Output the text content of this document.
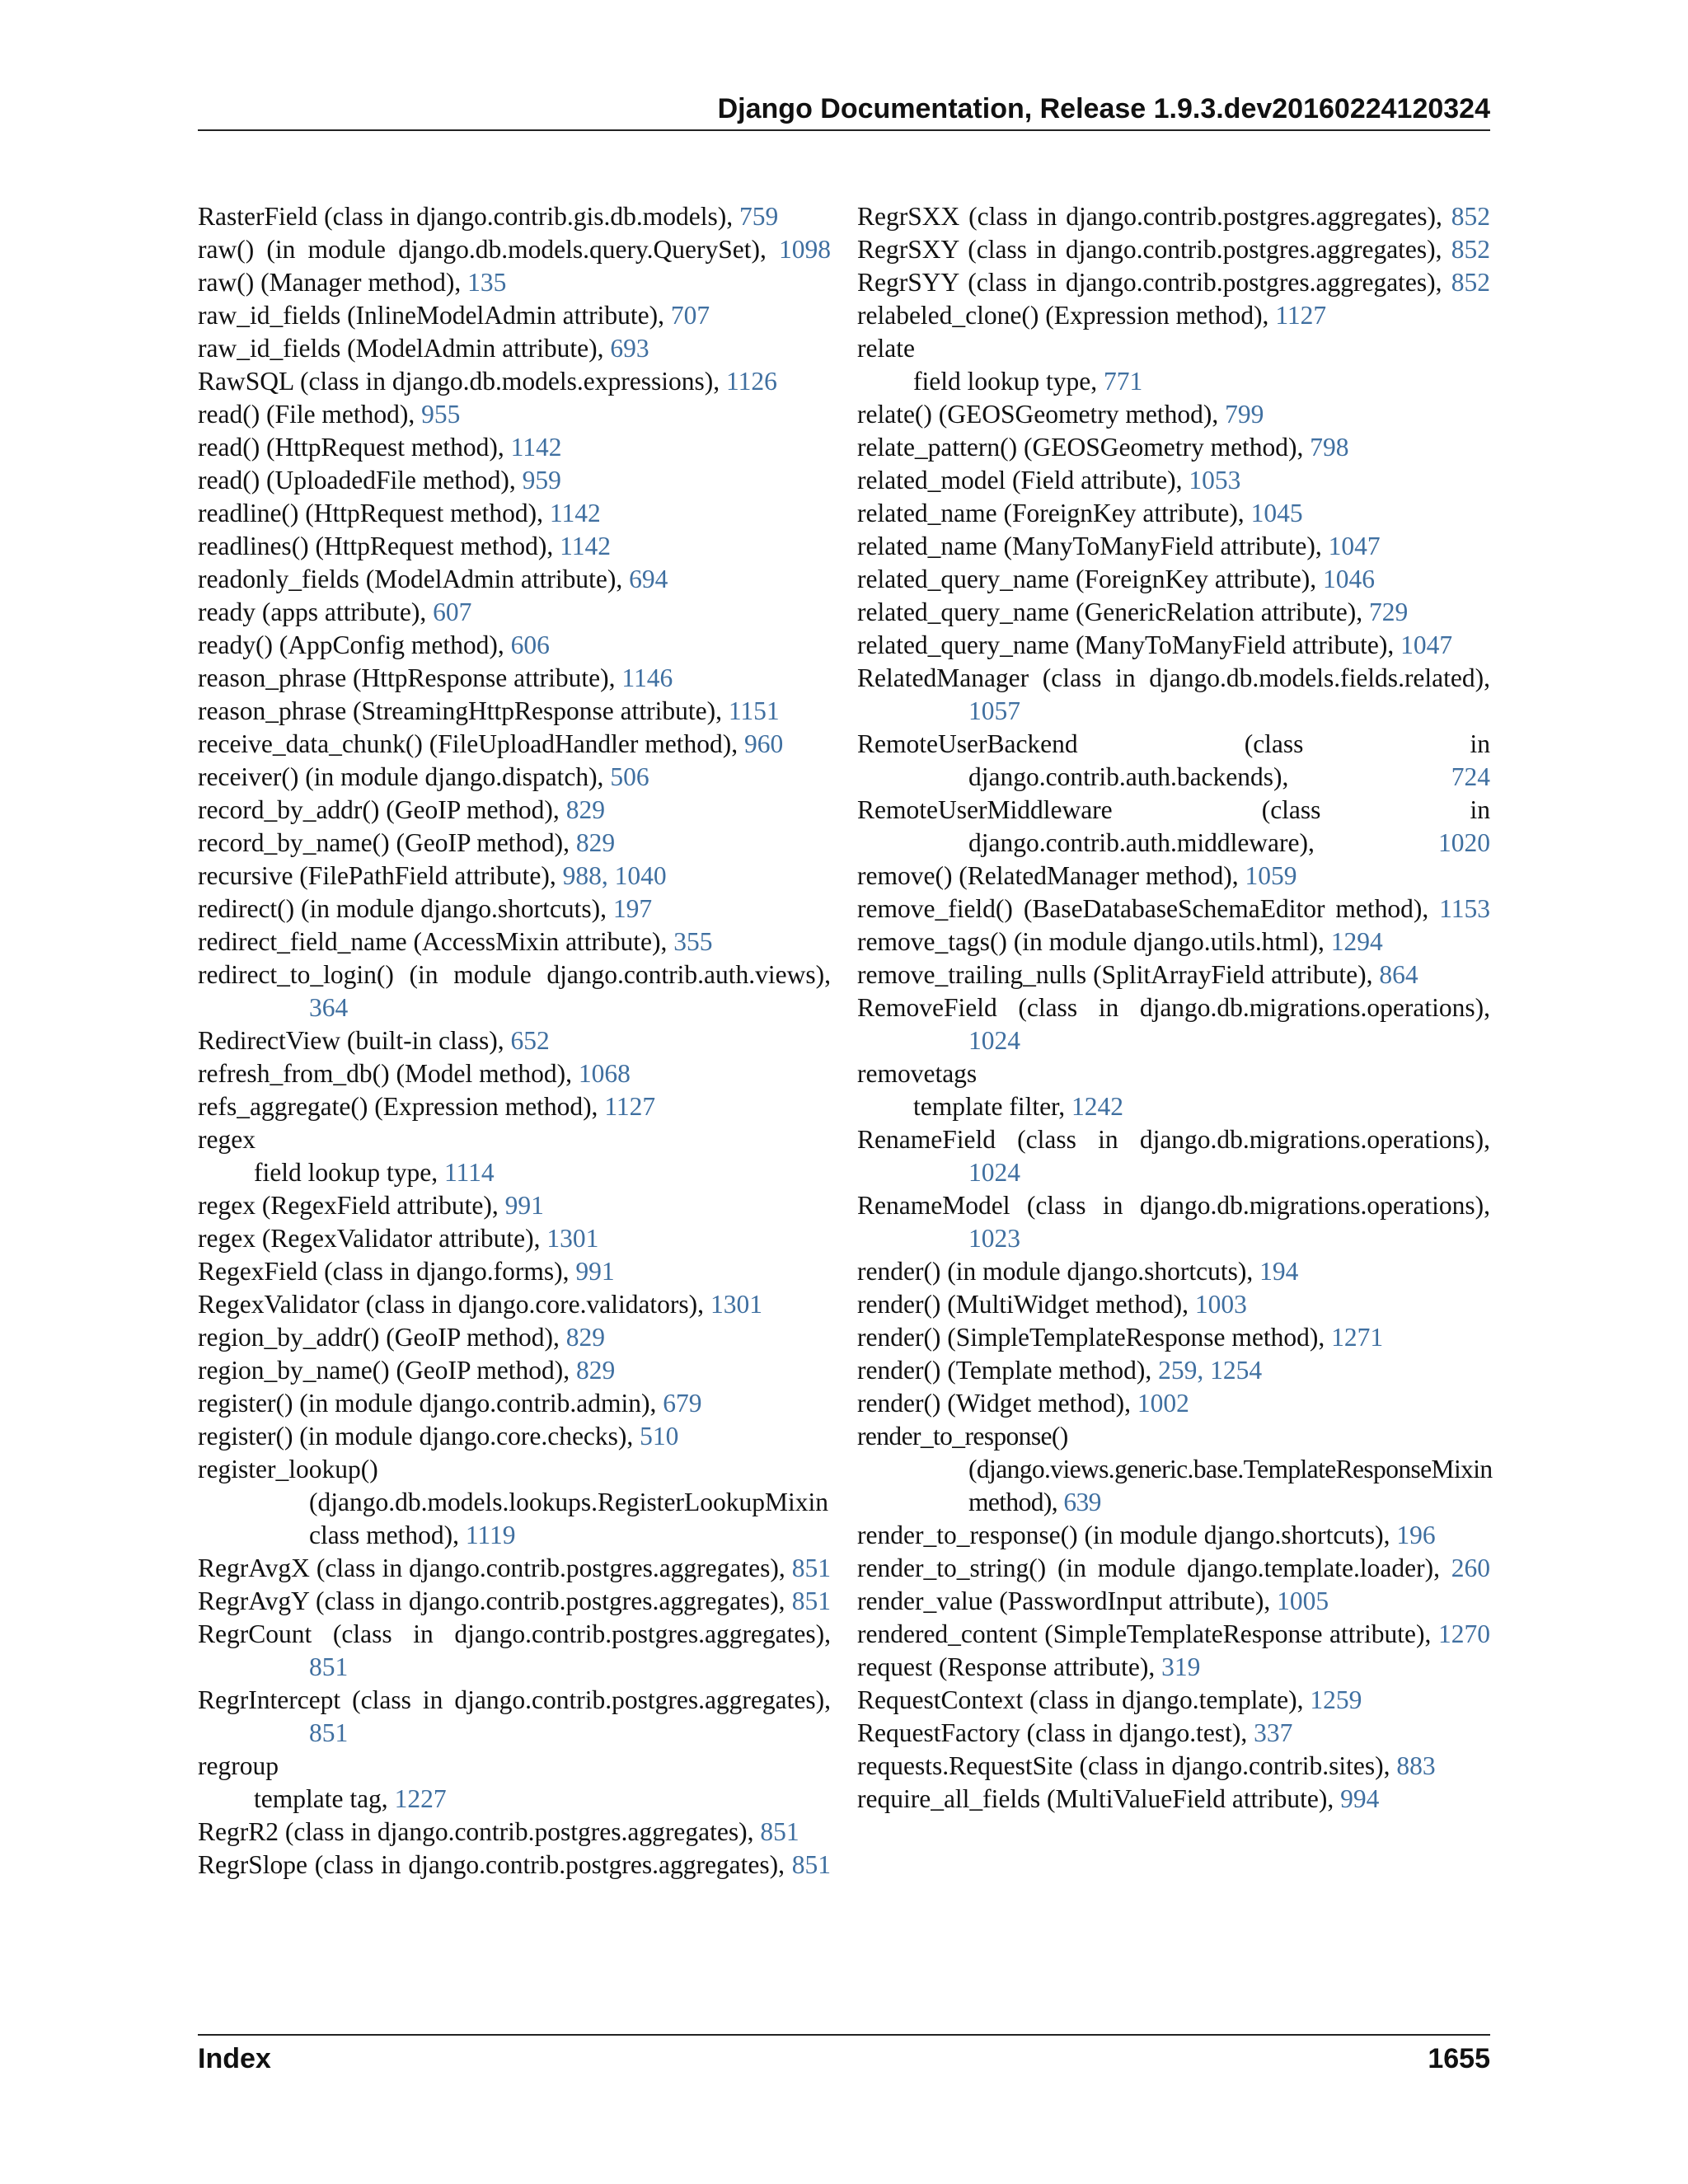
Django Documentation, Release 1.9.3.dev20160224120324
RasterField (class in django.contrib.gis.db.models), 759
raw() (in module django.db.models.query.QuerySet), 1098
raw() (Manager method), 135
raw_id_fields (InlineModelAdmin attribute), 707
raw_id_fields (ModelAdmin attribute), 693
RawSQL (class in django.db.models.expressions), 1126
read() (File method), 955
read() (HttpRequest method), 1142
read() (UploadedFile method), 959
readline() (HttpRequest method), 1142
readlines() (HttpRequest method), 1142
readonly_fields (ModelAdmin attribute), 694
ready (apps attribute), 607
ready() (AppConfig method), 606
reason_phrase (HttpResponse attribute), 1146
reason_phrase (StreamingHttpResponse attribute), 1151
receive_data_chunk() (FileUploadHandler method), 960
receiver() (in module django.dispatch), 506
record_by_addr() (GeoIP method), 829
record_by_name() (GeoIP method), 829
recursive (FilePathField attribute), 988, 1040
redirect() (in module django.shortcuts), 197
redirect_field_name (AccessMixin attribute), 355
redirect_to_login() (in module django.contrib.auth.views), 364
RedirectView (built-in class), 652
refresh_from_db() (Model method), 1068
refs_aggregate() (Expression method), 1127
regex
field lookup type, 1114
regex (RegexField attribute), 991
regex (RegexValidator attribute), 1301
RegexField (class in django.forms), 991
RegexValidator (class in django.core.validators), 1301
region_by_addr() (GeoIP method), 829
region_by_name() (GeoIP method), 829
register() (in module django.contrib.admin), 679
register() (in module django.core.checks), 510
register_lookup() (django.db.models.lookups.RegisterLookupMixin class method), 1119
RegrAvgX (class in django.contrib.postgres.aggregates), 851
RegrAvgY (class in django.contrib.postgres.aggregates), 851
RegrCount (class in django.contrib.postgres.aggregates), 851
RegrIntercept (class in django.contrib.postgres.aggregates), 851
regroup
template tag, 1227
RegrR2 (class in django.contrib.postgres.aggregates), 851
RegrSlope (class in django.contrib.postgres.aggregates), 851
RegrSXX (class in django.contrib.postgres.aggregates), 852
RegrSXY (class in django.contrib.postgres.aggregates), 852
RegrSYY (class in django.contrib.postgres.aggregates), 852
relabeled_clone() (Expression method), 1127
relate
field lookup type, 771
relate() (GEOSGeometry method), 799
relate_pattern() (GEOSGeometry method), 798
related_model (Field attribute), 1053
related_name (ForeignKey attribute), 1045
related_name (ManyToManyField attribute), 1047
related_query_name (ForeignKey attribute), 1046
related_query_name (GenericRelation attribute), 729
related_query_name (ManyToManyField attribute), 1047
RelatedManager (class in django.db.models.fields.related), 1057
RemoteUserBackend (class in django.contrib.auth.backends), 724
RemoteUserMiddleware (class in django.contrib.auth.middleware), 1020
remove() (RelatedManager method), 1059
remove_field() (BaseDatabaseSchemaEditor method), 1153
remove_tags() (in module django.utils.html), 1294
remove_trailing_nulls (SplitArrayField attribute), 864
RemoveField (class in django.db.migrations.operations), 1024
removetags
template filter, 1242
RenameField (class in django.db.migrations.operations), 1024
RenameModel (class in django.db.migrations.operations), 1023
render() (in module django.shortcuts), 194
render() (MultiWidget method), 1003
render() (SimpleTemplateResponse method), 1271
render() (Template method), 259, 1254
render() (Widget method), 1002
render_to_response() (django.views.generic.base.TemplateResponseMixin method), 639
render_to_response() (in module django.shortcuts), 196
render_to_string() (in module django.template.loader), 260
render_value (PasswordInput attribute), 1005
rendered_content (SimpleTemplateResponse attribute), 1270
request (Response attribute), 319
RequestContext (class in django.template), 1259
RequestFactory (class in django.test), 337
requests.RequestSite (class in django.contrib.sites), 883
require_all_fields (MultiValueField attribute), 994
Index	1655
